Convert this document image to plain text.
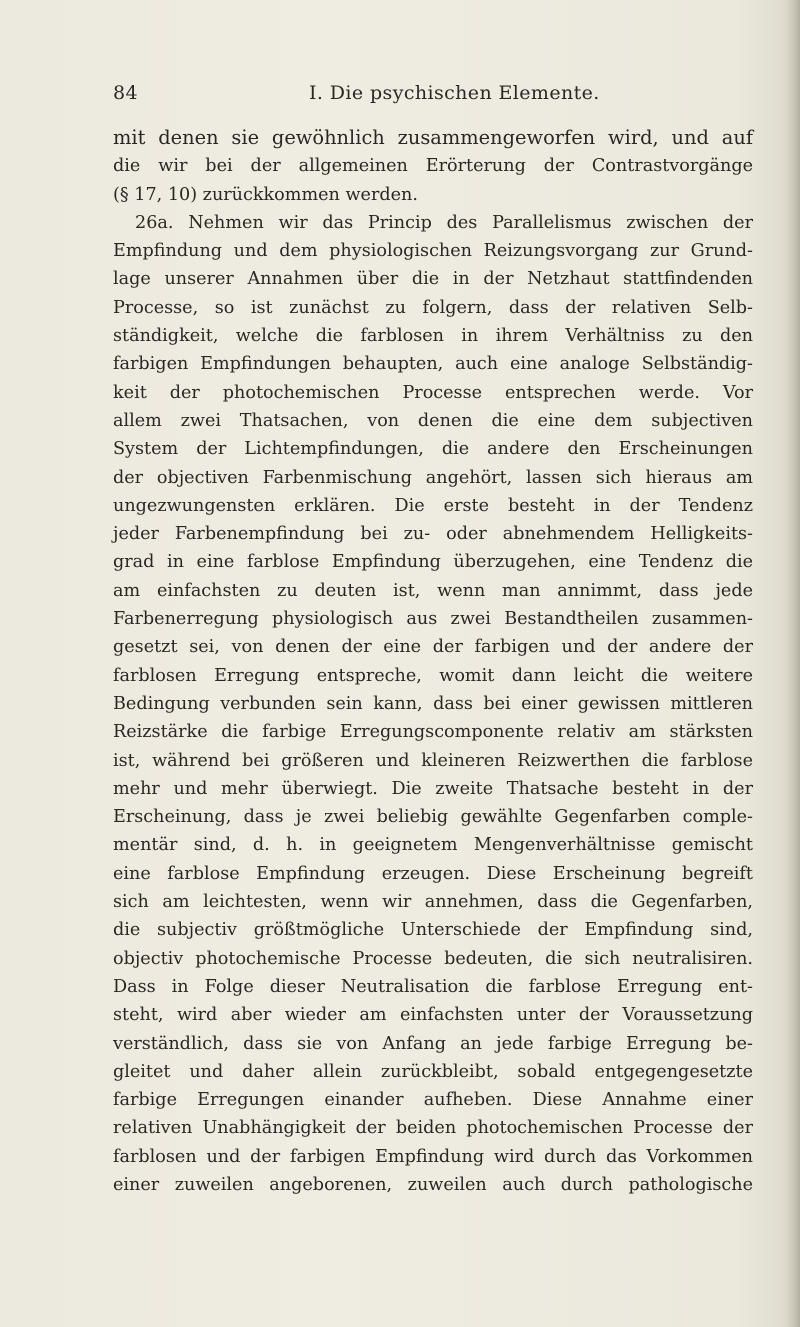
84	I. Die psychischen Elemente.
mit denen sie gewöhnlich zusammengeworfen wird, und auf
die wir bei der allgemeinen Erörterung der Contrastvorgänge
(§ 17, 10) zurückkommen werden.
26a. Nehmen wir das Princip des Parallelismus zwischen der
Empfindung und dem physiologischen Reizungsvorgang zur Grund-
lage unserer Annahmen über die in der Netzhaut stattfindenden
Processe, so ist zunächst zu folgern, dass der relativen Selb-
ständigkeit, welche die farblosen in ihrem Verhältniss zu den
farbigen Empfindungen behaupten, auch eine analoge Selbständig-
keit der photochemischen Processe entsprechen werde. Vor
allem zwei Thatsachen, von denen die eine dem subjectiven
System der Lichtempfindungen, die andere den Erscheinungen
der objectiven Farbenmischung angehört, lassen sich hieraus am
ungezwungensten erklären. Die erste besteht in der Tendenz
jeder Farbenempfindung bei zu- oder abnehmendem Helligkeits-
grad in eine farblose Empfindung überzugehen, eine Tendenz die
am einfachsten zu deuten ist, wenn man annimmt, dass jede
Farbenerregung physiologisch aus zwei Bestandtheilen zusammen-
gesetzt sei, von denen der eine der farbigen und der andere der
farblosen Erregung entspreche, womit dann leicht die weitere
Bedingung verbunden sein kann, dass bei einer gewissen mittleren
Reizstärke die farbige Erregungscomponente relativ am stärksten
ist, während bei größeren und kleineren Reizwerthen die farblose
mehr und mehr überwiegt. Die zweite Thatsache besteht in der
Erscheinung, dass je zwei beliebig gewählte Gegenfarben comple-
mentär sind, d. h. in geeignetem Mengenverhältnisse gemischt
eine farblose Empfindung erzeugen. Diese Erscheinung begreift
sich am leichtesten, wenn wir annehmen, dass die Gegenfarben,
die subjectiv größtmögliche Unterschiede der Empfindung sind,
objectiv photochemische Processe bedeuten, die sich neutralisiren.
Dass in Folge dieser Neutralisation die farblose Erregung ent-
steht, wird aber wieder am einfachsten unter der Voraussetzung
verständlich, dass sie von Anfang an jede farbige Erregung be-
gleitet und daher allein zurückbleibt, sobald entgegengesetzte
farbige Erregungen einander aufheben. Diese Annahme einer
relativen Unabhängigkeit der beiden photochemischen Processe der
farblosen und der farbigen Empfindung wird durch das Vorkommen
einer zuweilen angeborenen, zuweilen auch durch pathologische
